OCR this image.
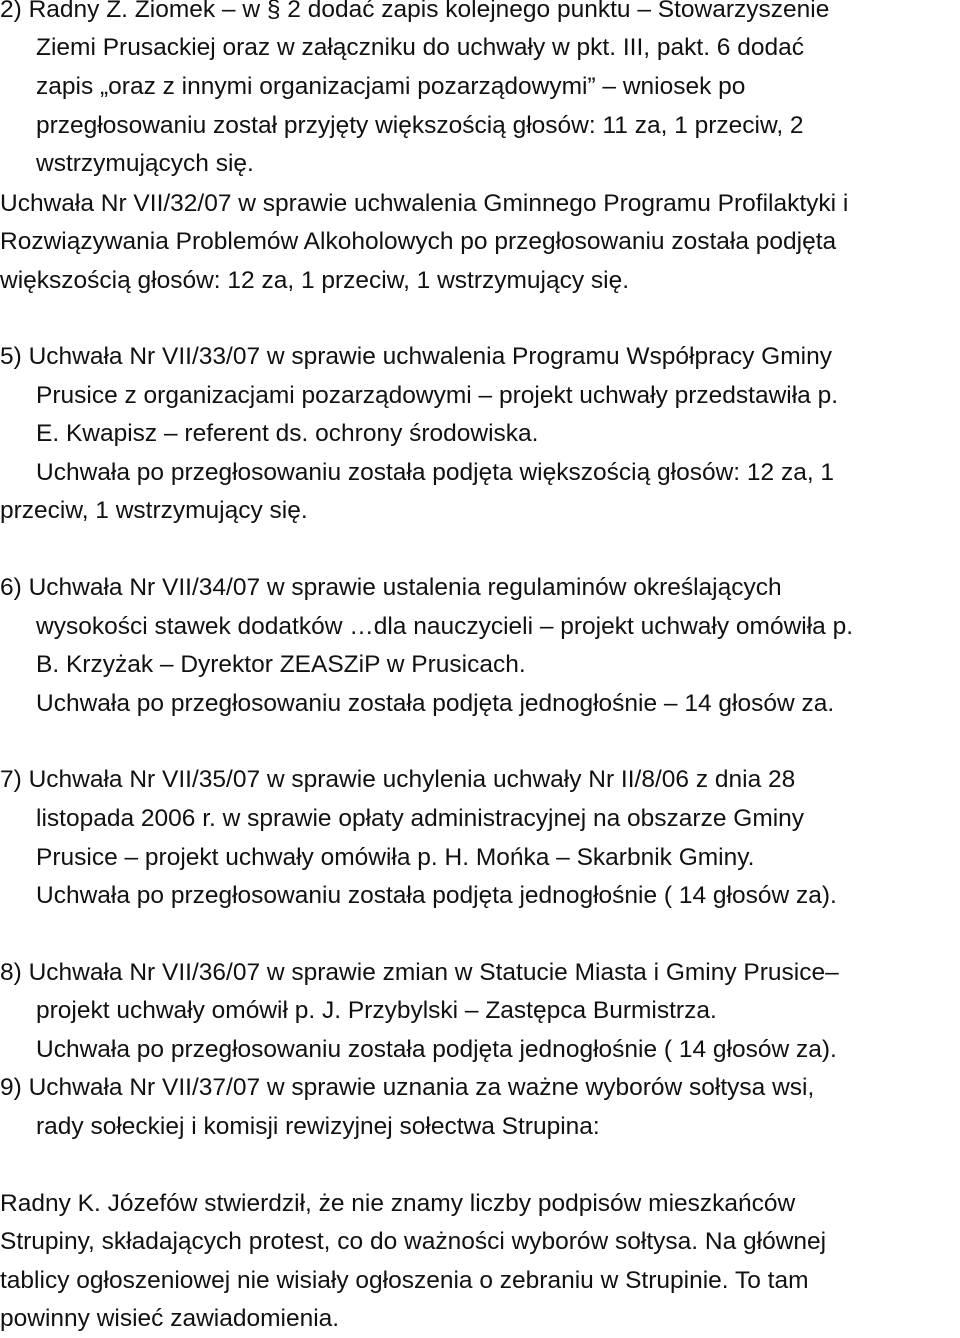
2) Radny Z. Ziomek – w § 2 dodać zapis kolejnego punktu – Stowarzyszenie
Ziemi Prusackiej oraz w załączniku do uchwały w pkt. III, pakt. 6 dodać
zapis „oraz z innymi organizacjami pozarządowymi” – wniosek po
przegłosowaniu został przyjęty większością głosów: 11 za, 1 przeciw, 2
wstrzymujących się.
Uchwała Nr VII/32/07 w sprawie uchwalenia Gminnego Programu Profilaktyki i
Rozwiązywania Problemów Alkoholowych po przegłosowaniu została podjęta
większością głosów: 12 za, 1 przeciw, 1 wstrzymujący się.
5) Uchwała Nr VII/33/07 w sprawie uchwalenia Programu Współpracy Gminy
Prusice z organizacjami pozarządowymi – projekt uchwały przedstawiła p.
E. Kwapisz – referent ds. ochrony środowiska.
Uchwała po przegłosowaniu została podjęta większością głosów: 12 za, 1
przeciw, 1 wstrzymujący się.
6) Uchwała Nr VII/34/07 w sprawie ustalenia regulaminów określających
wysokości stawek dodatków …dla nauczycieli – projekt uchwały omówiła p.
B. Krzyżak – Dyrektor ZEASZiP w Prusicach.
Uchwała po przegłosowaniu została podjęta jednogłośnie – 14 głosów za.
7) Uchwała Nr VII/35/07 w sprawie uchylenia uchwały Nr II/8/06 z dnia 28
listopada 2006 r. w sprawie opłaty administracyjnej na obszarze Gminy
Prusice – projekt uchwały omówiła p. H. Mońka – Skarbnik Gminy.
Uchwała po przegłosowaniu została podjęta jednogłośnie ( 14 głosów za).
8) Uchwała Nr VII/36/07 w sprawie zmian w Statucie Miasta i Gminy Prusice–
projekt uchwały omówił p. J. Przybylski – Zastępca Burmistrza.
Uchwała po przegłosowaniu została podjęta jednogłośnie ( 14 głosów za).
9) Uchwała Nr VII/37/07 w sprawie uznania za ważne wyborów sołtysa wsi,
rady sołeckiej i komisji rewizyjnej sołectwa Strupina:
Radny K. Józefów stwierdził, że nie znamy liczby podpisów mieszkańców
Strupiny, składających protest, co do ważności wyborów sołtysa. Na głównej
tablicy ogłoszeniowej nie wisiały ogłoszenia o zebraniu w Strupinie. To tam
powinny wisieć zawiadomienia.
